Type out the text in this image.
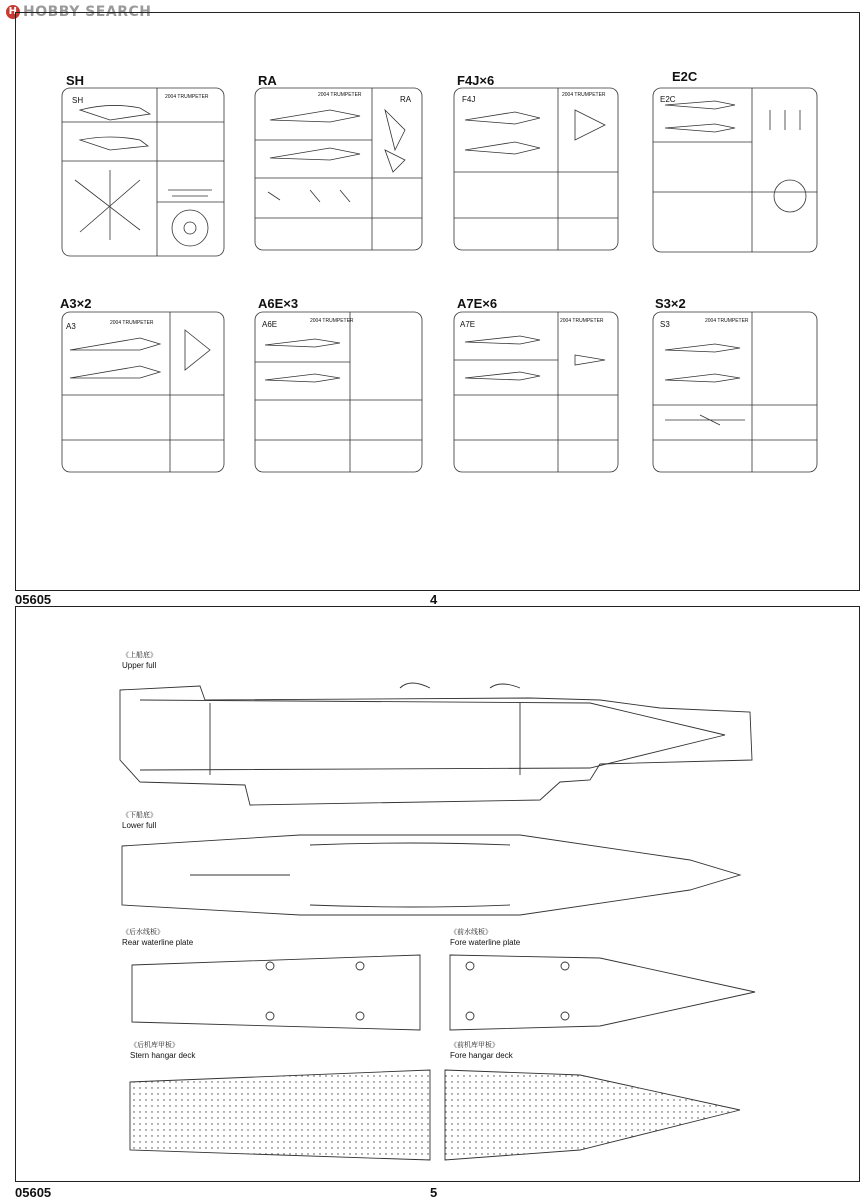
H HOBBY SEARCH
SH	RA	F4J×6	E2C
A3×2	A6E×3	A7E×6	S3×2
SH	RA	F4J	E2C
A3	A6E	A7E	S3
2004 TRUMPETER	2004 TRUMPETER	2004 TRUMPETER
2004 TRUMPETER	2004 TRUMPETER	2004 TRUMPETER	2004 TRUMPETER
05605	4
《上船底》
Upper full
《下船底》
Lower full
《后水线板》
Rear waterline plate
《前水线板》
Fore waterline plate
《后机库甲板》
Stern hangar deck
《前机库甲板》
Fore hangar deck
05605	5
